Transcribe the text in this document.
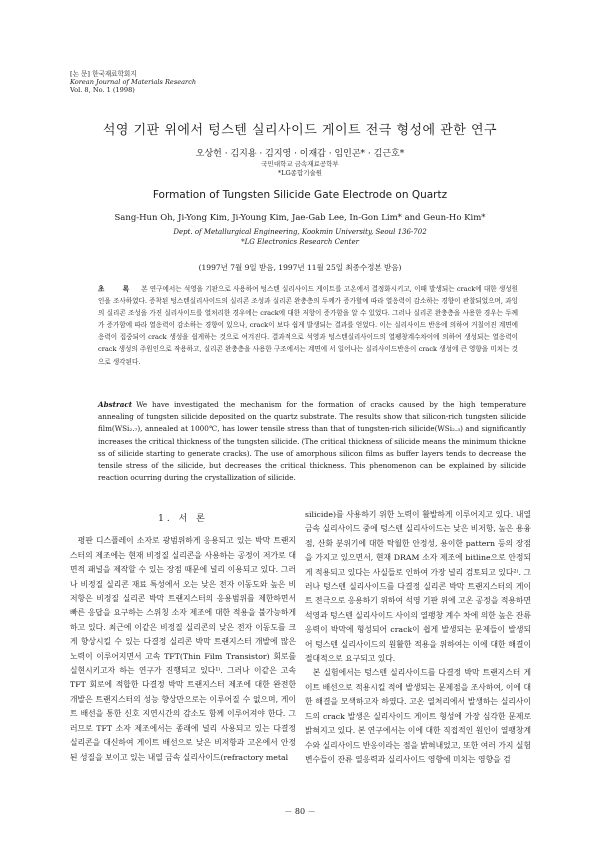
[논 문] 한국재료학회지
Korean Journal of Materials Research
Vol. 8, No. 1 (1998)
석영 기판 위에서 텅스텐 실리사이드 게이트 전극 형성에 관한 연구
오상헌 · 김지용 · 김지영 · 이재갑 · 임인곤* · 김근호*
국민대학교 금속재료공학부
*LG종합기술원
Formation of Tungsten Silicide Gate Electrode on Quartz
Sang-Hun Oh, Ji-Yong Kim, Ji-Young Kim, Jae-Gab Lee, In-Gon Lim* and Geun-Ho Kim*
Dept. of Metallurgical Engineering, Kookmin University, Seoul 136-702
*LG Electronics Research Center
(1997년 7월 9일 받음, 1997년 11월 25일 최종수정본 받음)
초 록 본 연구에서는 석영을 기판으로 사용하여 텅스텐 실리사이드 게이트를 고온에서 결정화시키고, 이때 발생되는 crack에 대한 생성원인을 조사하였다. 증착된 텅스텐실리사이드의 실리콘 조성과 실리콘 완충층의 두께가 증가할에 따라 열응력이 감소하는 경향이 관찰되었으며, 과잉의 실리콘 조성을 가진 실리사이드를 열처리한 경우에는 crack에 대한 저항이 증가함을 알 수 있었다. 그러나 실리콘 완충층을 사용한 경우는 두께가 증가함에 따라 열응력이 감소하는 경향이 있으나, crack이 보다 쉽게 발생되는 결과를 얻었다. 이는 실리사이드 반응에 의하여 거칠어진 계면에 응력이 집중되어 crack 생성을 쉽게하는 것으로 여겨진다. 결과적으로 석영과 텅스텐실리사이드의 열팽창계수차이에 의하여 생성되는 열응력이 crack 생성의 주원인으로 작용하고, 실리콘 완충층을 사용한 구조에서는 계면에 서 일어나는 실리사이드반응이 crack 생성에 큰 영향을 미치는 것으로 생각된다.
Abstract We have investigated the mechanism for the formation of cracks caused by the high temperature annealing of tungsten silicide deposited on the quartz substrate. The results show that silicon-rich tungsten silicide film(WSi₂.₇), annealed at 1000℃, has lower tensile stress than that of tungsten-rich silicide(WSi₂.₃) and significantly increases the critical thickness of the tungsten silicide. (The critical thickness of silicide means the minimum thickne ss of silicide starting to generate cracks). The use of amorphous silicon films as buffer layers tends to decrease the tensile stress of the silicide, but decreases the critical thickness. This phenomenon can be explained by silicide reaction ocurring during the crystallization of silicide.
1. 서 론
평판 디스플레이 소자로 광범위하게 응용되고 있는 박막 트랜지스터의 제조에는 현재 비정질 실리콘을 사용하는 공정이 저가로 대면적 패널을 제작할 수 있는 장점 때문에 널리 이용되고 있다. 그러나 비정질 실리콘 재료 특성에서 오는 낮은 전자 이동도와 높은 비저항은 비정질 실리콘 박막 트랜지스터의 응용범위를 제한하면서 빠른 응답을 요구하는 스위칭 소자 제조에 대한 적용을 불가능하게 하고 있다. 최근에 이같은 비정질 실리콘의 낮은 전자 이동도를 크게 향상시킬 수 있는 다결정 실리콘 박막 트랜지스터 개발에 많은 노력이 이루어지면서 고속 TFT(Thin Film Transistor) 회로를 실현시키고자 하는 연구가 진행되고 있다¹⁾. 그러나 이같은 고속 TFT 회로에 적합한 다결정 박막 트랜지스터 제조에 대한 완전한 개발은 트랜지스터의 성능 향상만으로는 이루어질 수 없으며, 게이트 배선을 통한 신호 지연시간의 감소도 함께 이루어져야 한다. 그러므로 TFT 소자 제조에서는 종래에 널리 사용되고 있는 다결정 실리콘을 대신하여 게이트 배선으로 낮은 비저항과 고온에서 안정된 성질을 보이고 있는 내열 금속 실리사이드(refractory metal
silicide)를 사용하기 위한 노력이 활발하게 이루어지고 있다. 내열 금속 실리사이드 중에 텅스텐 실리사이드는 낮은 비저항, 높은 용융점, 산화 분위기에 대한 탁월한 안정성, 용이한 pattern 등의 장점을 가지고 있으면서, 현재 DRAM 소자 제조에 bitline으로 안정되게 적용되고 있다는 사실들로 인하여 가장 널리 검토되고 있다²⁾. 그러나 텅스텐 실리사이드를 다결정 실리콘 박막 트랜지스터의 게이트 전극으로 응용하기 위하여 석영 기판 위에 고온 공정을 적용하면 석영과 텅스텐 실리사이드 사이의 열팽창 계수 차에 의한 높은 잔류 응력이 박막에 형성되어 crack이 쉽게 발생되는 문제들이 발생되어 텅스텐 실리사이드의 원활한 적용을 위하여는 이에 대한 해결이 절대적으로 요구되고 있다.
본 실험에서는 텅스텐 실리사이드를 다결정 박막 트랜지스터 게이트 배선으로 적용시킬 적에 발생되는 문제점을 조사하여, 이에 대한 해결을 모색하고자 하였다. 고온 열처리에서 발생하는 실리사이드의 crack 발생은 실리사이드 게이트 형성에 가장 심각한 문제로 밝혀지고 있다. 본 연구에서는 이에 대한 직접적인 원인이 열팽창계수와 실리사이드 반응이라는 점을 밝혀내었고, 또한 여러 가지 실험변수들이 잔류 열응력과 실리사이드 영향에 미치는 영향을 검
－ 80 －
